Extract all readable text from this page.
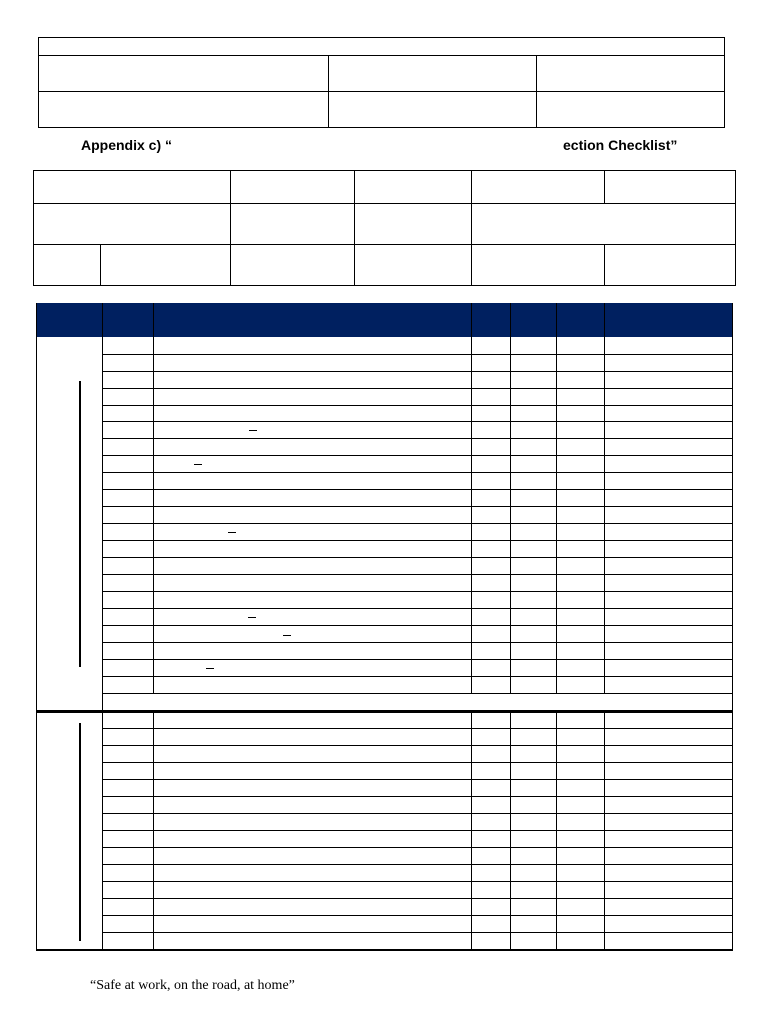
Appendix c) “	ection Checklist”

“Safe at work, on the road, at home”
